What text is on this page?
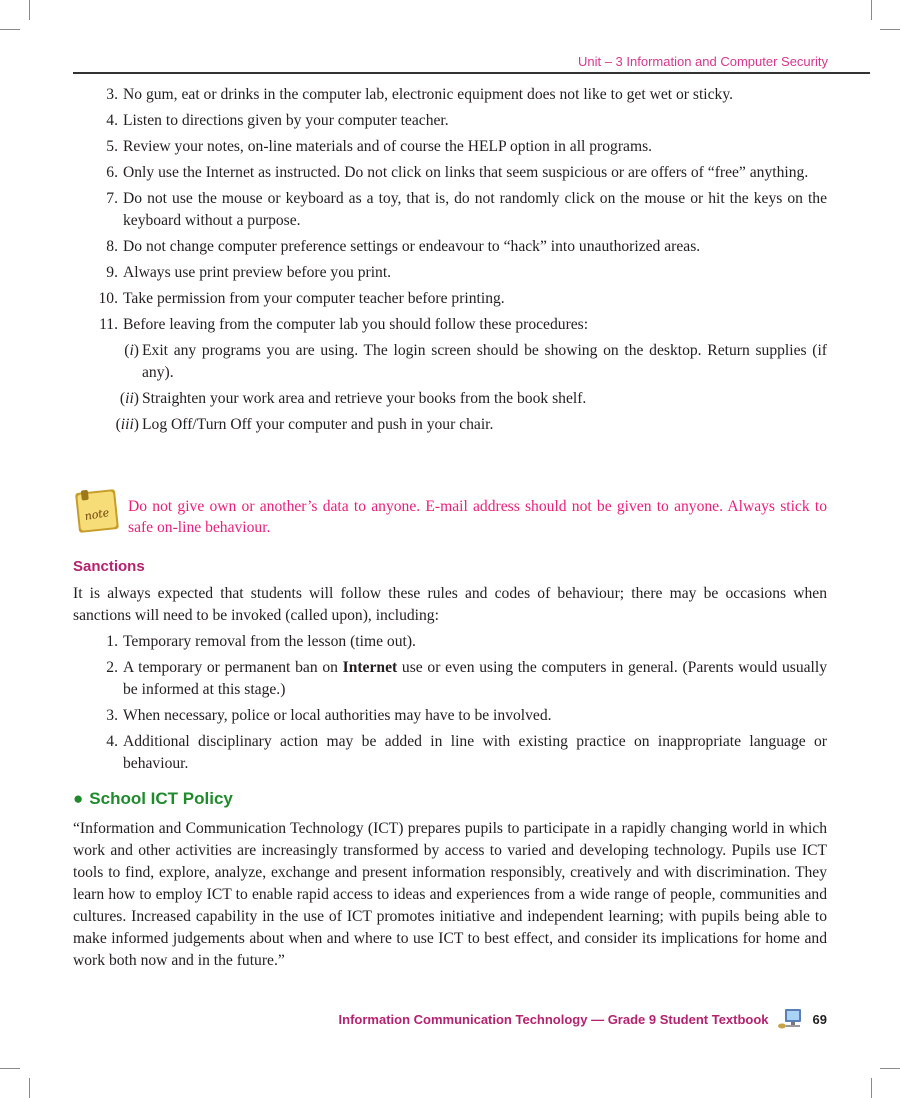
Unit – 3 Information and Computer Security
3. No gum, eat or drinks in the computer lab, electronic equipment does not like to get wet or sticky.
4. Listen to directions given by your computer teacher.
5. Review your notes, on-line materials and of course the HELP option in all programs.
6. Only use the Internet as instructed. Do not click on links that seem suspicious or are offers of “free” anything.
7. Do not use the mouse or keyboard as a toy, that is, do not randomly click on the mouse or hit the keys on the keyboard without a purpose.
8. Do not change computer preference settings or endeavour to “hack” into unauthorized areas.
9. Always use print preview before you print.
10. Take permission from your computer teacher before printing.
11. Before leaving from the computer lab you should follow these procedures:
(i) Exit any programs you are using. The login screen should be showing on the desktop. Return supplies (if any).
(ii) Straighten your work area and retrieve your books from the book shelf.
(iii) Log Off/Turn Off your computer and push in your chair.
note Do not give own or another’s data to anyone. E-mail address should not be given to anyone. Always stick to safe on-line behaviour.
Sanctions
It is always expected that students will follow these rules and codes of behaviour; there may be occasions when sanctions will need to be invoked (called upon), including:
1. Temporary removal from the lesson (time out).
2. A temporary or permanent ban on Internet use or even using the computers in general. (Parents would usually be informed at this stage.)
3. When necessary, police or local authorities may have to be involved.
4. Additional disciplinary action may be added in line with existing practice on inappropriate language or behaviour.
● School ICT Policy
“Information and Communication Technology (ICT) prepares pupils to participate in a rapidly changing world in which work and other activities are increasingly transformed by access to varied and developing technology. Pupils use ICT tools to find, explore, analyze, exchange and present information responsibly, creatively and with discrimination. They learn how to employ ICT to enable rapid access to ideas and experiences from a wide range of people, communities and cultures. Increased capability in the use of ICT promotes initiative and independent learning; with pupils being able to make informed judgements about when and where to use ICT to best effect, and consider its implications for home and work both now and in the future.”
Information Communication Technology — Grade 9 Student Textbook	69
